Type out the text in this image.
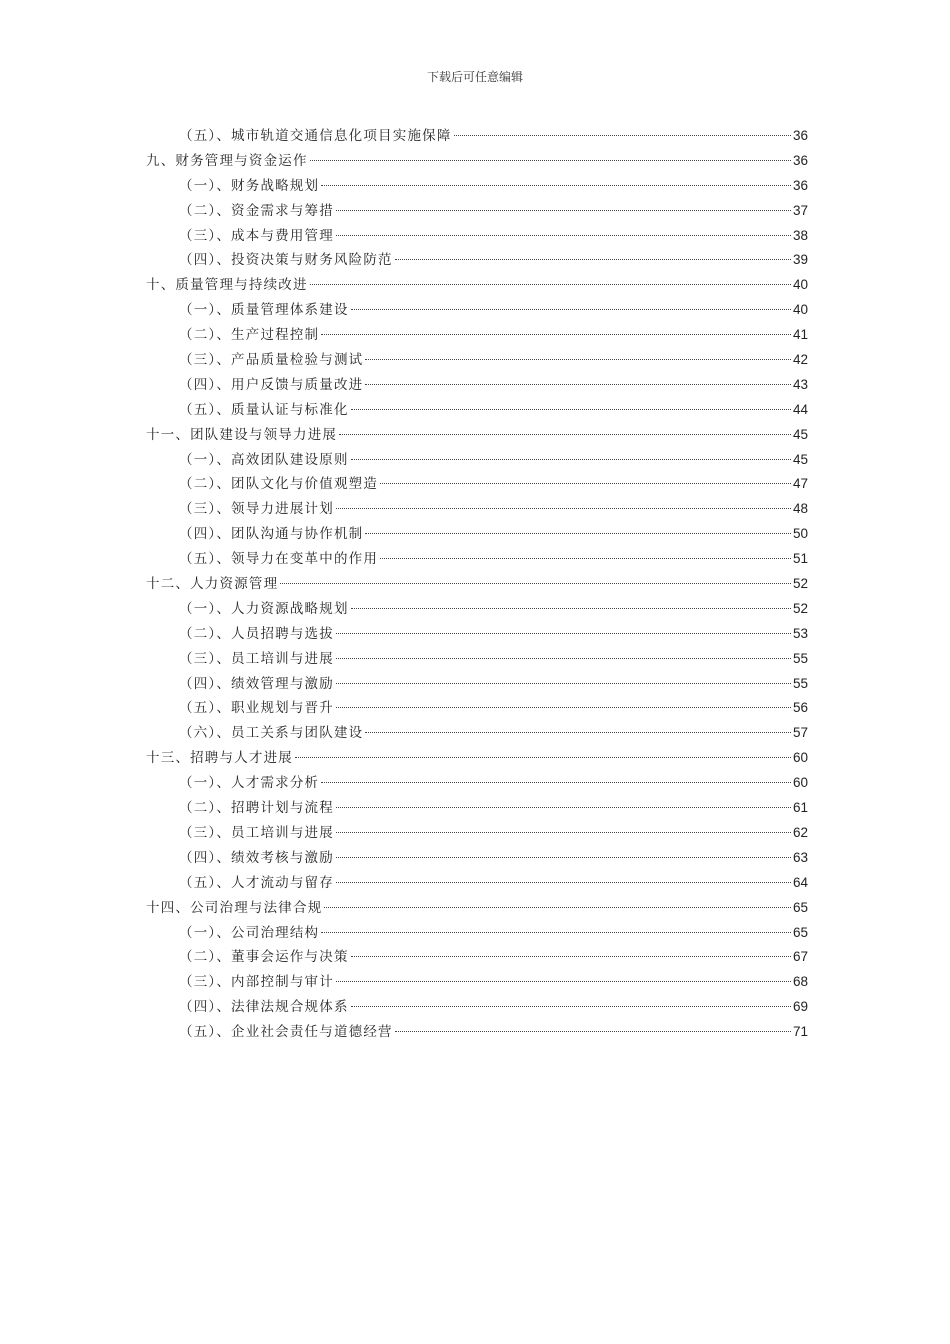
下载后可任意编辑
（五）、城市轨道交通信息化项目实施保障	36
九、财务管理与资金运作	36
（一）、财务战略规划	36
（二）、资金需求与筹措	37
（三）、成本与费用管理	38
（四）、投资决策与财务风险防范	39
十、质量管理与持续改进	40
（一）、质量管理体系建设	40
（二）、生产过程控制	41
（三）、产品质量检验与测试	42
（四）、用户反馈与质量改进	43
（五）、质量认证与标准化	44
十一、团队建设与领导力进展	45
（一）、高效团队建设原则	45
（二）、团队文化与价值观塑造	47
（三）、领导力进展计划	48
（四）、团队沟通与协作机制	50
（五）、领导力在变革中的作用	51
十二、人力资源管理	52
（一）、人力资源战略规划	52
（二）、人员招聘与选拔	53
（三）、员工培训与进展	55
（四）、绩效管理与激励	55
（五）、职业规划与晋升	56
（六）、员工关系与团队建设	57
十三、招聘与人才进展	60
（一）、人才需求分析	60
（二）、招聘计划与流程	61
（三）、员工培训与进展	62
（四）、绩效考核与激励	63
（五）、人才流动与留存	64
十四、公司治理与法律合规	65
（一）、公司治理结构	65
（二）、董事会运作与决策	67
（三）、内部控制与审计	68
（四）、法律法规合规体系	69
（五）、企业社会责任与道德经营	71
